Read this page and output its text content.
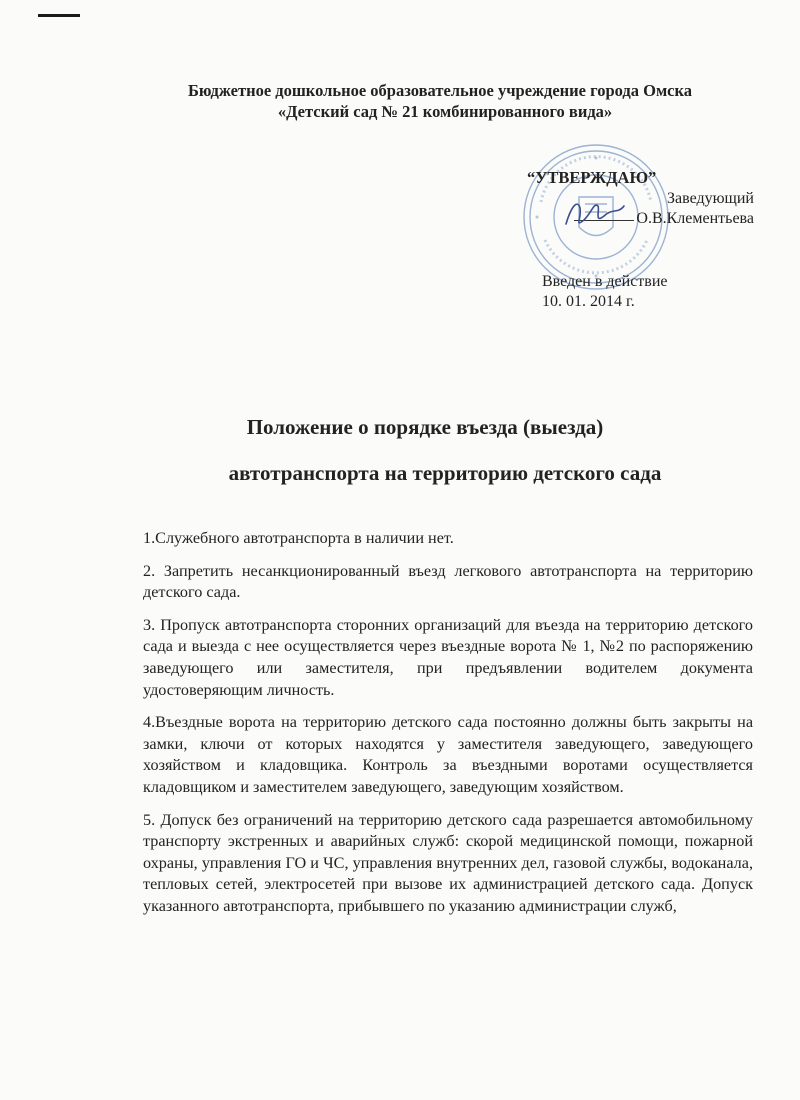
Бюджетное дошкольное образовательное учреждение города Омска
«Детский сад № 21 комбинированного вида»
“УТВЕРЖДАЮ”
Заведующий
О.В.Клементьева
Введен в действие
10. 01. 2014 г.
Положение о порядке въезда (выезда)
автотранспорта на территорию детского сада

1.Служебного автотранспорта в наличии нет.

2. Запретить несанкционированный въезд легкового автотранспорта на территорию детского сада.

3. Пропуск автотранспорта сторонних организаций для въезда на территорию детского сада и выезда с нее осуществляется через въездные ворота № 1, №2 по распоряжению заведующего или заместителя, при предъявлении водителем документа удостоверяющим личность.

4.Въездные ворота на территорию детского сада постоянно должны быть закрыты на замки, ключи от которых находятся у заместителя заведующего, заведующего хозяйством и кладовщика. Контроль за въездными воротами осуществляется кладовщиком и заместителем заведующего, заведующим хозяйством.

5. Допуск без ограничений на территорию детского сада разрешается автомобильному транспорту экстренных и аварийных служб: скорой медицинской помощи, пожарной охраны, управления ГО и ЧС, управления внутренних дел, газовой службы, водоканала, тепловых сетей, электросетей при вызове их администрацией детского сада. Допуск указанного автотранспорта, прибывшего по указанию администрации служб,
